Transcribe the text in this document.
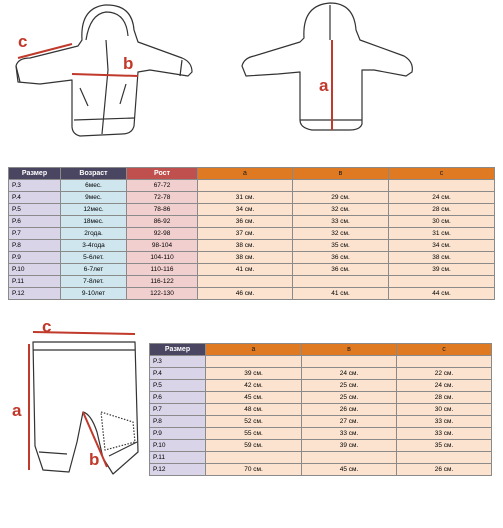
c
b
a
Размер	Возраст	Рост	a	в	с
P.3	6мес.	67-72			
P.4	9мес.	72-78	31 см.	29 см.	24 см.
P.5	12мес.	78-86	34 см.	32 см.	28 см.
P.6	18мес.	86-92	36 см.	33 см.	30 см.
P.7	2года.	92-98	37 см.	32 см.	31 см.
P.8	3-4года	98-104	38 см.	35 см.	34 см.
P.9	5-6лет.	104-110	38 см.	36 см.	38 см.
P.10	6-7лет	110-116	41 см.	36 см.	39 см.
P.11	7-8лет.	116-122			
P.12	9-10лет	122-130	46 см.	41 см.	44 см.
c
a
b
Размер	a	в	с
P.3			
P.4	39 см.	24 см.	22 см.
P.5	42 см.	25 см.	24 см.
P.6	45 см.	25 см.	28 см.
P.7	48 см.	26 см.	30 см.
P.8	52 см.	27 см.	33 см.
P.9	55 см.	33 см.	33 см.
P.10	59 см.	39 см.	35 см.
P.11			
P.12	70 см.	45 см.	26 см.
